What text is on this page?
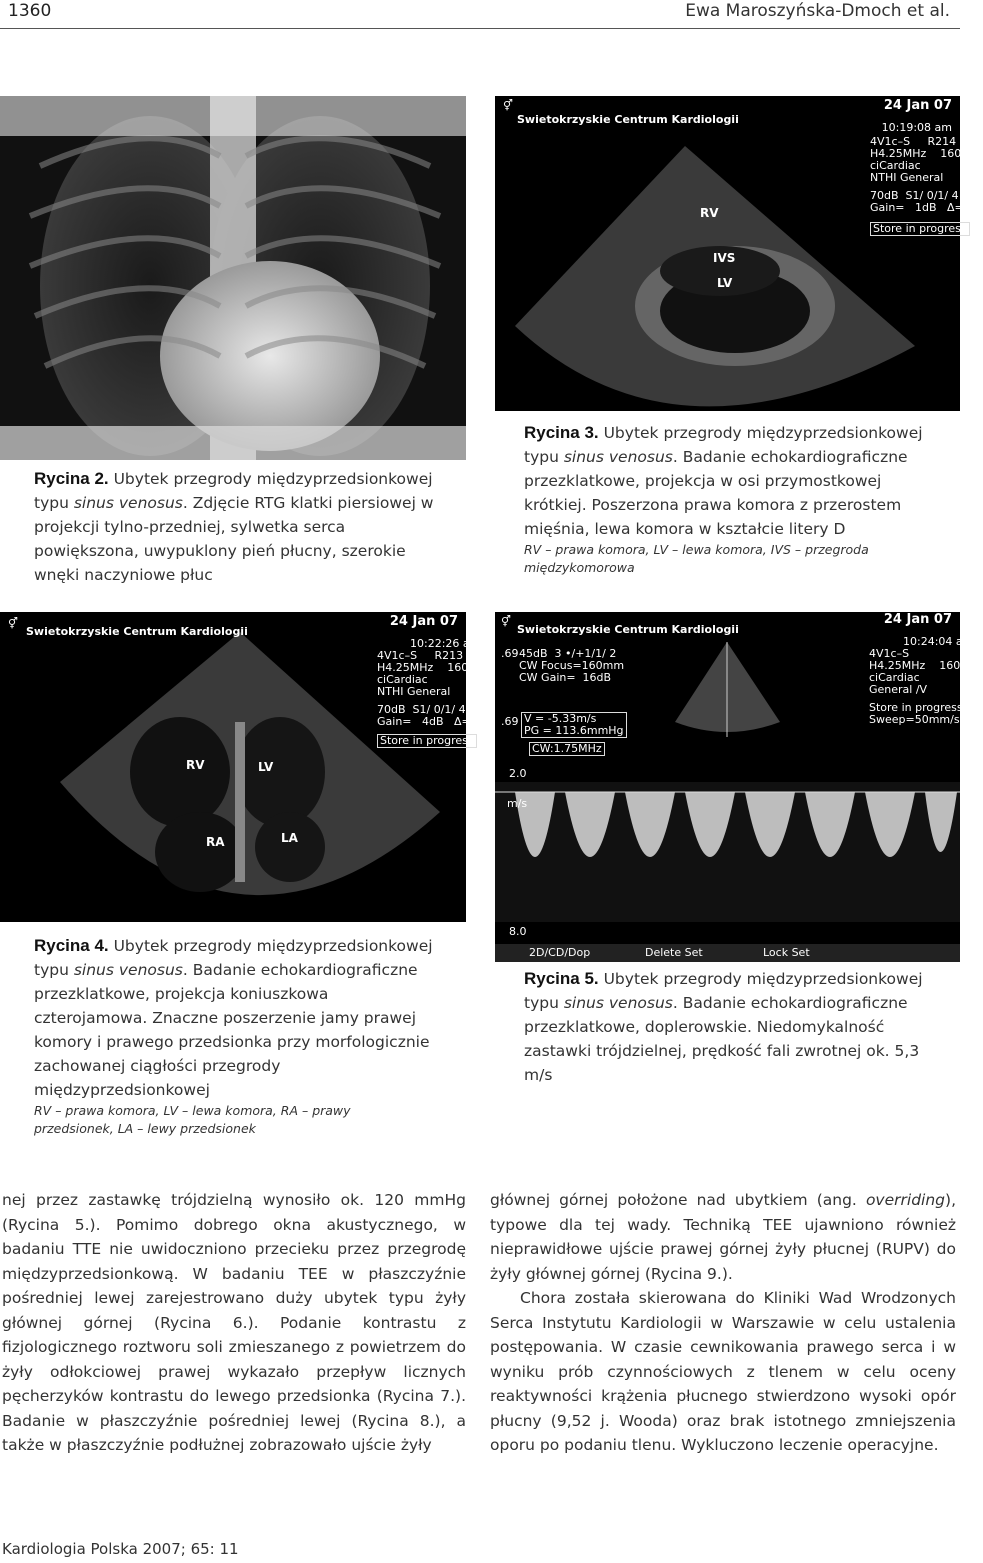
1360	Ewa Maroszyńska-Dmoch et al.
⚥
Swietokrzyskie Centrum Kardiologii
24 Jan 07
10:19:08 am
4V1c–S     R214
H4.25MHz    160mm
ciCardiac
NTHI General
70dB  S1/ 0/1/ 4
Gain=   1dB   Δ=3
Store in progress
RV
IVS
LV
⚥
Swietokrzyskie Centrum Kardiologii
24 Jan 07
10:22:26 am
4V1c–S     R213
H4.25MHz    160mm
ciCardiac
NTHI General
70dB  S1/ 0/1/ 4
Gain=   4dB   Δ=3
Store in progress
RV	LV
RA	LA
⚥
Swietokrzyskie Centrum Kardiologii
24 Jan 07
10:24:04 am
4V1c–S
H4.25MHz    160mm
ciCardiac
General /V
Store in progress
Sweep=50mm/s
.69 45dB  3 •/+1/1/ 2
CW Focus=160mm
CW Gain=  16dB
.69 V = -5.33m/s
PG = 113.6mmHg
CW:1.75MHz
2.0
m/s
8.0
2D/CD/Dop	Delete Set	Lock Set
Rycina 2. Ubytek przegrody międzyprzedsionkowej typu sinus venosus. Zdjęcie RTG klatki piersiowej w projekcji tylno-przedniej, sylwetka serca powiększona, uwypuklony pień płucny, szerokie wnęki naczyniowe płuc
Rycina 3. Ubytek przegrody międzyprzedsionkowej typu sinus venosus. Badanie echokardiograficzne przezklatkowe, projekcja w osi przymostkowej krótkiej. Poszerzona prawa komora z przerostem mięśnia, lewa komora w kształcie litery D
RV – prawa komora, LV – lewa komora, IVS – przegroda międzykomorowa
Rycina 4. Ubytek przegrody międzyprzedsionkowej typu sinus venosus. Badanie echokardiograficzne przezklatkowe, projekcja koniuszkowa czterojamowa. Znaczne poszerzenie jamy prawej komory i prawego przedsionka przy morfologicznie zachowanej ciągłości przegrody międzyprzedsionkowej
RV – prawa komora, LV – lewa komora, RA – prawy przedsionek, LA – lewy przedsionek
Rycina 5. Ubytek przegrody międzyprzedsionkowej typu sinus venosus. Badanie echokardiograficzne przezklatkowe, doplerowskie. Niedomykalność zastawki trójdzielnej, prędkość fali zwrotnej ok. 5,3 m/s

nej przez zastawkę trójdzielną wynosiło ok. 120 mmHg (Rycina 5.). Pomimo dobrego okna akustycznego, w badaniu TTE nie uwidoczniono przecieku przez przegrodę międzyprzedsionkową. W badaniu TEE w płaszczyźnie pośredniej lewej zarejestrowano duży ubytek typu żyły głównej górnej (Rycina 6.). Podanie kontrastu z fizjologicznego roztworu soli zmieszanego z powietrzem do żyły odłokciowej prawej wykazało przepływ licznych pęcherzyków kontrastu do lewego przedsionka (Rycina 7.). Badanie w płaszczyźnie pośredniej lewej (Rycina 8.), a także w płaszczyźnie podłużnej zobrazowało ujście żyły

głównej górnej położone nad ubytkiem (ang. overriding), typowe dla tej wady. Techniką TEE ujawniono również nieprawidłowe ujście prawej górnej żyły płucnej (RUPV) do żyły głównej górnej (Rycina 9.).

Chora została skierowana do Kliniki Wad Wrodzonych Serca Instytutu Kardiologii w Warszawie w celu ustalenia postępowania. W czasie cewnikowania prawego serca i w wyniku prób czynnościowych z tlenem w celu oceny reaktywności krążenia płucnego stwierdzono wysoki opór płucny (9,52 j. Wooda) oraz brak istotnego zmniejszenia oporu po podaniu tlenu. Wykluczono leczenie operacyjne.

Kardiologia Polska 2007; 65: 11
